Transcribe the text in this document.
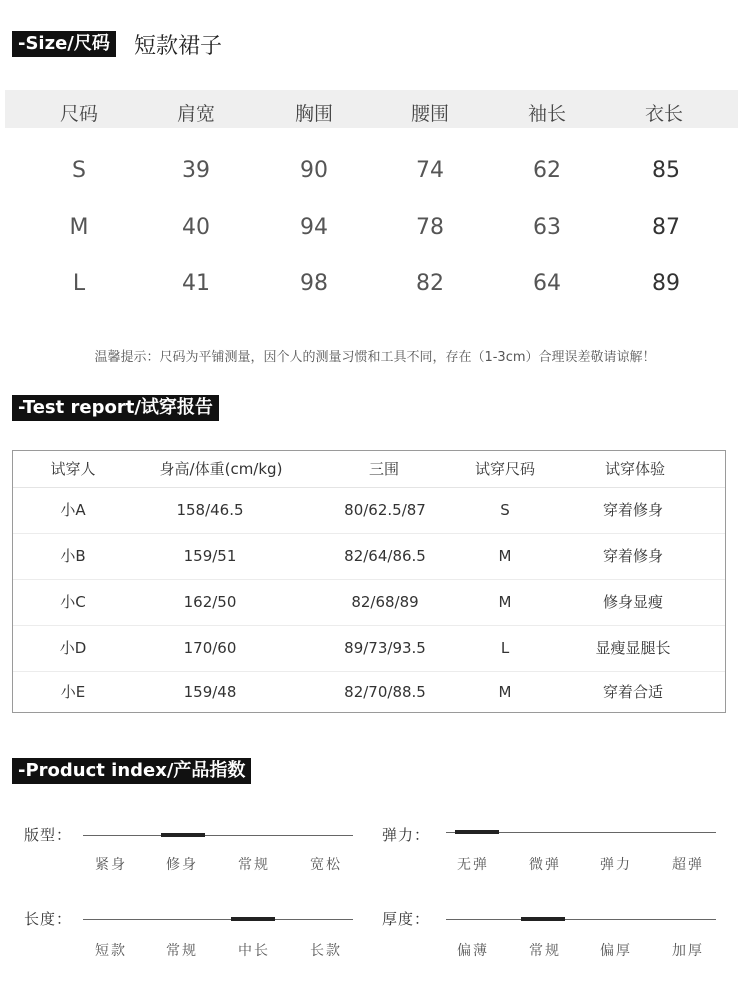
-Size/尺码 短款裙子
尺码	肩宽	胸围	腰围	袖长	衣长
S	39	90	74	62	85
M	40	94	78	63	87
L	41	98	82	64	89
温馨提示：尺码为平铺测量，因个人的测量习惯和工具不同，存在（1-3cm）合理误差敬请谅解！
-Test report/试穿报告
试穿人	身高/体重(cm/kg)	三围	试穿尺码	试穿体验
小A	158/46.5	80/62.5/87	S	穿着修身
小B	159/51	82/64/86.5	M	穿着修身
小C	162/50	82/68/89	M	修身显瘦
小D	170/60	89/73/93.5	L	显瘦显腿长
小E	159/48	82/70/88.5	M	穿着合适
-Product index/产品指数
版型：
紧身	修身	常规	宽松
弹力：
无弹	微弹	弹力	超弹
长度：
短款	常规	中长	长款
厚度：
偏薄	常规	偏厚	加厚
